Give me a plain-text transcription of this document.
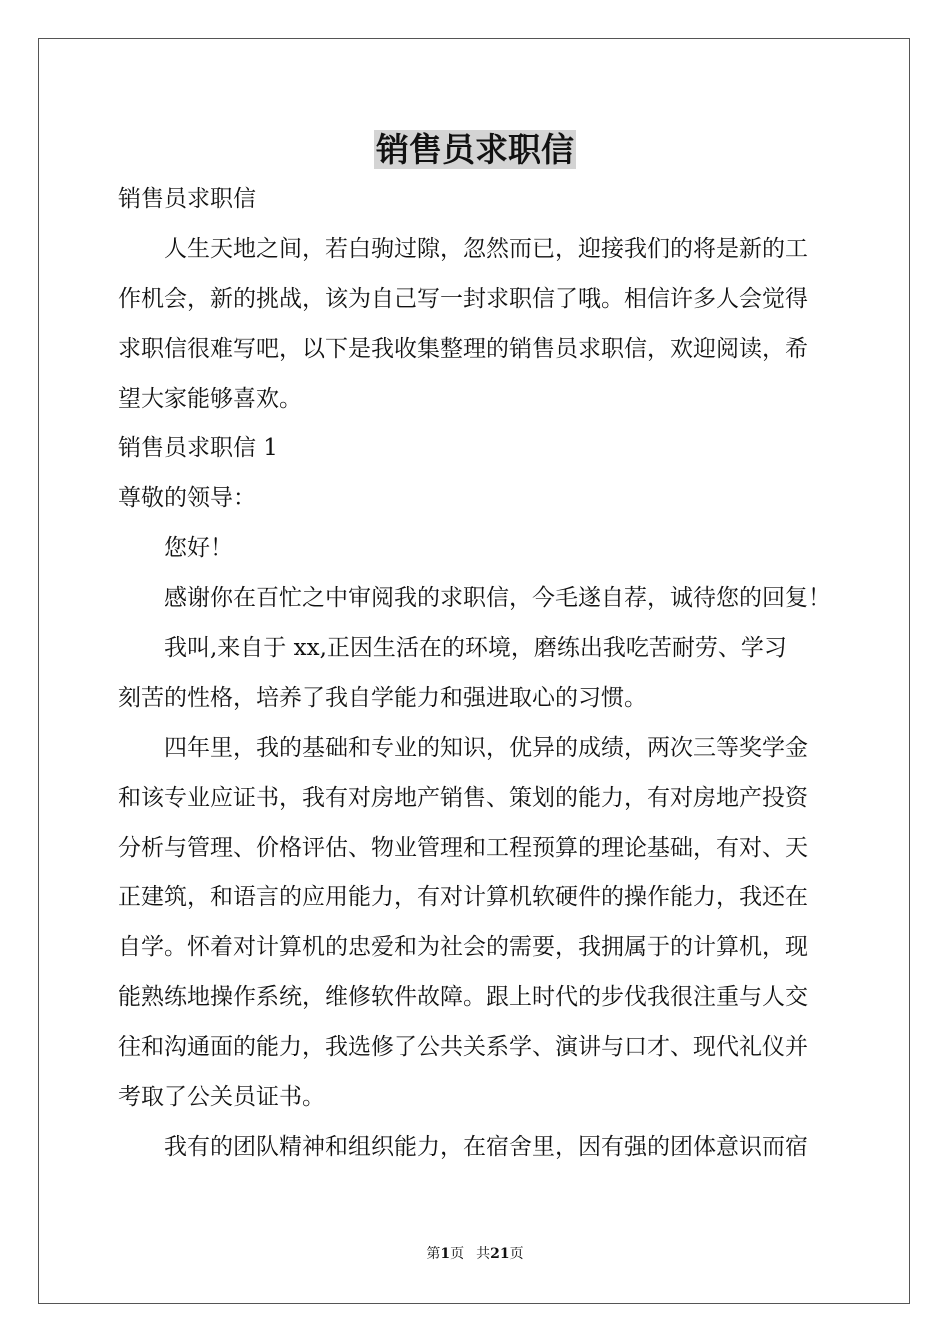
销售员求职信

销售员求职信

人生天地之间，若白驹过隙，忽然而已，迎接我们的将是新的工

作机会，新的挑战，该为自己写一封求职信了哦。相信许多人会觉得

求职信很难写吧，以下是我收集整理的销售员求职信，欢迎阅读，希

望大家能够喜欢。

销售员求职信 1

尊敬的领导：

您好！

感谢你在百忙之中审阅我的求职信，今毛遂自荐，诚待您的回复！

我叫,来自于 xx,正因生活在的环境，磨练出我吃苦耐劳、学习

刻苦的性格，培养了我自学能力和强进取心的习惯。

四年里，我的基础和专业的知识，优异的成绩，两次三等奖学金

和该专业应证书，我有对房地产销售、策划的能力，有对房地产投资

分析与管理、价格评估、物业管理和工程预算的理论基础，有对、天

正建筑，和语言的应用能力，有对计算机软硬件的操作能力，我还在

自学。怀着对计算机的忠爱和为社会的需要，我拥属于的计算机，现

能熟练地操作系统，维修软件故障。跟上时代的步伐我很注重与人交

往和沟通面的能力，我选修了公共关系学、演讲与口才、现代礼仪并

考取了公关员证书。

我有的团队精神和组织能力，在宿舍里，因有强的团体意识而宿

第1页 共21页
